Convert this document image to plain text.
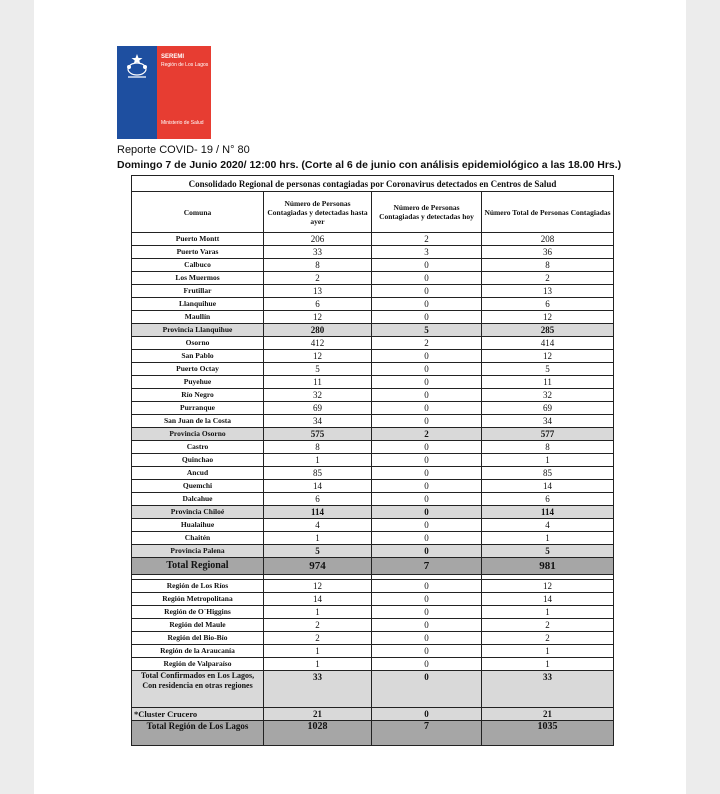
SEREMI
Región de Los Lagos
Ministerio de Salud
Reporte COVID- 19 / N° 80
Domingo 7 de Junio 2020/ 12:00 hrs. (Corte al 6 de junio con análisis epidemiológico a las 18.00 Hrs.)
Consolidado Regional de personas contagiadas por Coronavirus detectados en Centros de Salud			
Comuna	Número de Personas Contagiadas y detectadas hasta ayer	Número de Personas Contagiadas y detectadas hoy	Número Total de Personas Contagiadas
Puerto Montt	206	2	208
Puerto Varas	33	3	36
Calbuco	8	0	8
Los Muermos	2	0	2
Frutillar	13	0	13
Llanquihue	6	0	6
Maullín	12	0	12
Provincia Llanquihue	280	5	285
Osorno	412	2	414
San Pablo	12	0	12
Puerto Octay	5	0	5
Puyehue	11	0	11
Río Negro	32	0	32
Purranque	69	0	69
San Juan de la Costa	34	0	34
Provincia Osorno	575	2	577
Castro	8	0	8
Quinchao	1	0	1
Ancud	85	0	85
Quemchi	14	0	14
Dalcahue	6	0	6
Provincia Chiloé	114	0	114
Hualaihue	4	0	4
Chaitén	1	0	1
Provincia Palena	5	0	5
Total Regional	974	7	981

Región de Los Ríos	12	0	12
Región Metropolitana	14	0	14
Región de O´Higgins	1	0	1
Región del Maule	2	0	2
Región del Bio-Bío	2	0	2
Región de la Araucanía	1	0	1
Región de Valparaíso	1	0	1
Total Confirmados en Los Lagos, Con residencia en otras regiones	33	0	33
*Cluster Crucero	21	0	21
Total Región de Los Lagos	1028	7	1035
